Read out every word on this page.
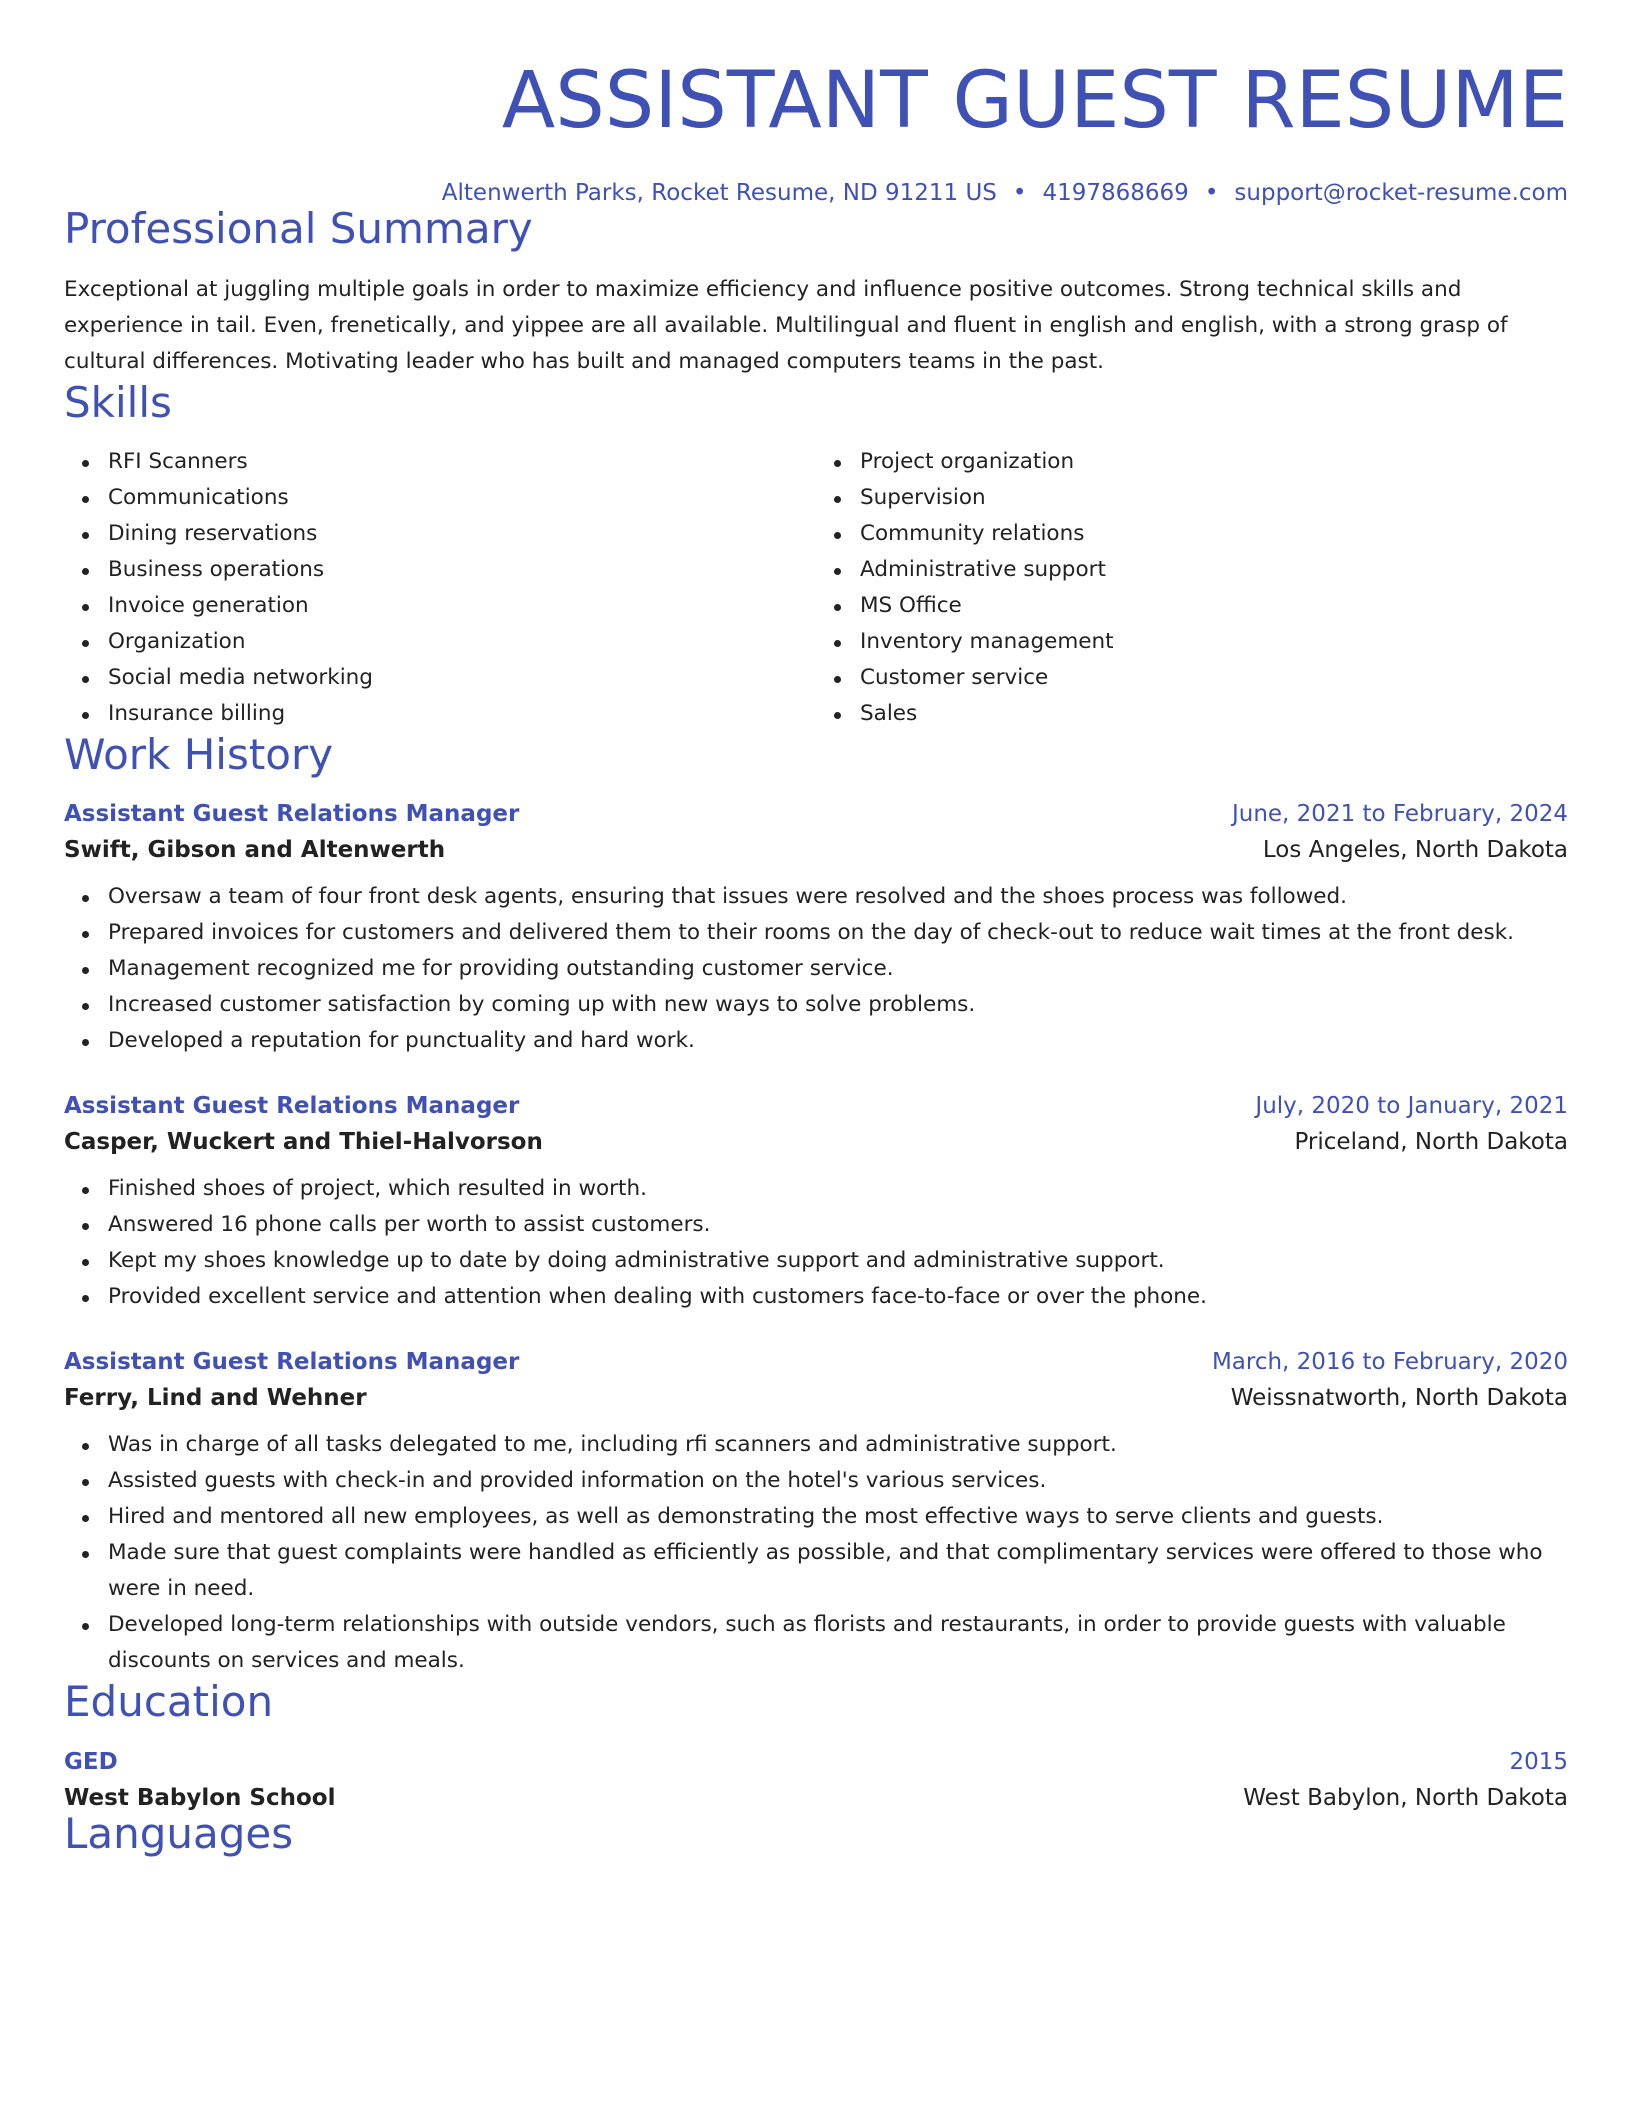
ASSISTANT GUEST RESUME
Altenwerth Parks, Rocket Resume, ND 91211 US • 4197868669 • support@rocket-resume.com
Professional Summary

Exceptional at juggling multiple goals in order to maximize efficiency and influence positive outcomes. Strong technical skills and experience in tail. Even, frenetically, and yippee are all available. Multilingual and fluent in english and english, with a strong grasp of cultural differences. Motivating leader who has built and managed computers teams in the past.

Skills
RFI Scanners
Communications
Dining reservations
Business operations
Invoice generation
Organization
Social media networking
Insurance billing
Project organization
Supervision
Community relations
Administrative support
MS Office
Inventory management
Customer service
Sales
Work History
Assistant Guest Relations Manager	June, 2021 to February, 2024
Swift, Gibson and Altenwerth	Los Angeles, North Dakota
Oversaw a team of four front desk agents, ensuring that issues were resolved and the shoes process was followed.
Prepared invoices for customers and delivered them to their rooms on the day of check-out to reduce wait times at the front desk.
Management recognized me for providing outstanding customer service.
Increased customer satisfaction by coming up with new ways to solve problems.
Developed a reputation for punctuality and hard work.
Assistant Guest Relations Manager	July, 2020 to January, 2021
Casper, Wuckert and Thiel-Halvorson	Priceland, North Dakota
Finished shoes of project, which resulted in worth.
Answered 16 phone calls per worth to assist customers.
Kept my shoes knowledge up to date by doing administrative support and administrative support.
Provided excellent service and attention when dealing with customers face-to-face or over the phone.
Assistant Guest Relations Manager	March, 2016 to February, 2020
Ferry, Lind and Wehner	Weissnatworth, North Dakota
Was in charge of all tasks delegated to me, including rfi scanners and administrative support.
Assisted guests with check-in and provided information on the hotel's various services.
Hired and mentored all new employees, as well as demonstrating the most effective ways to serve clients and guests.
Made sure that guest complaints were handled as efficiently as possible, and that complimentary services were offered to those who were in need.
Developed long-term relationships with outside vendors, such as florists and restaurants, in order to provide guests with valuable discounts on services and meals.
Education
GED	2015
West Babylon School	West Babylon, North Dakota
Languages
